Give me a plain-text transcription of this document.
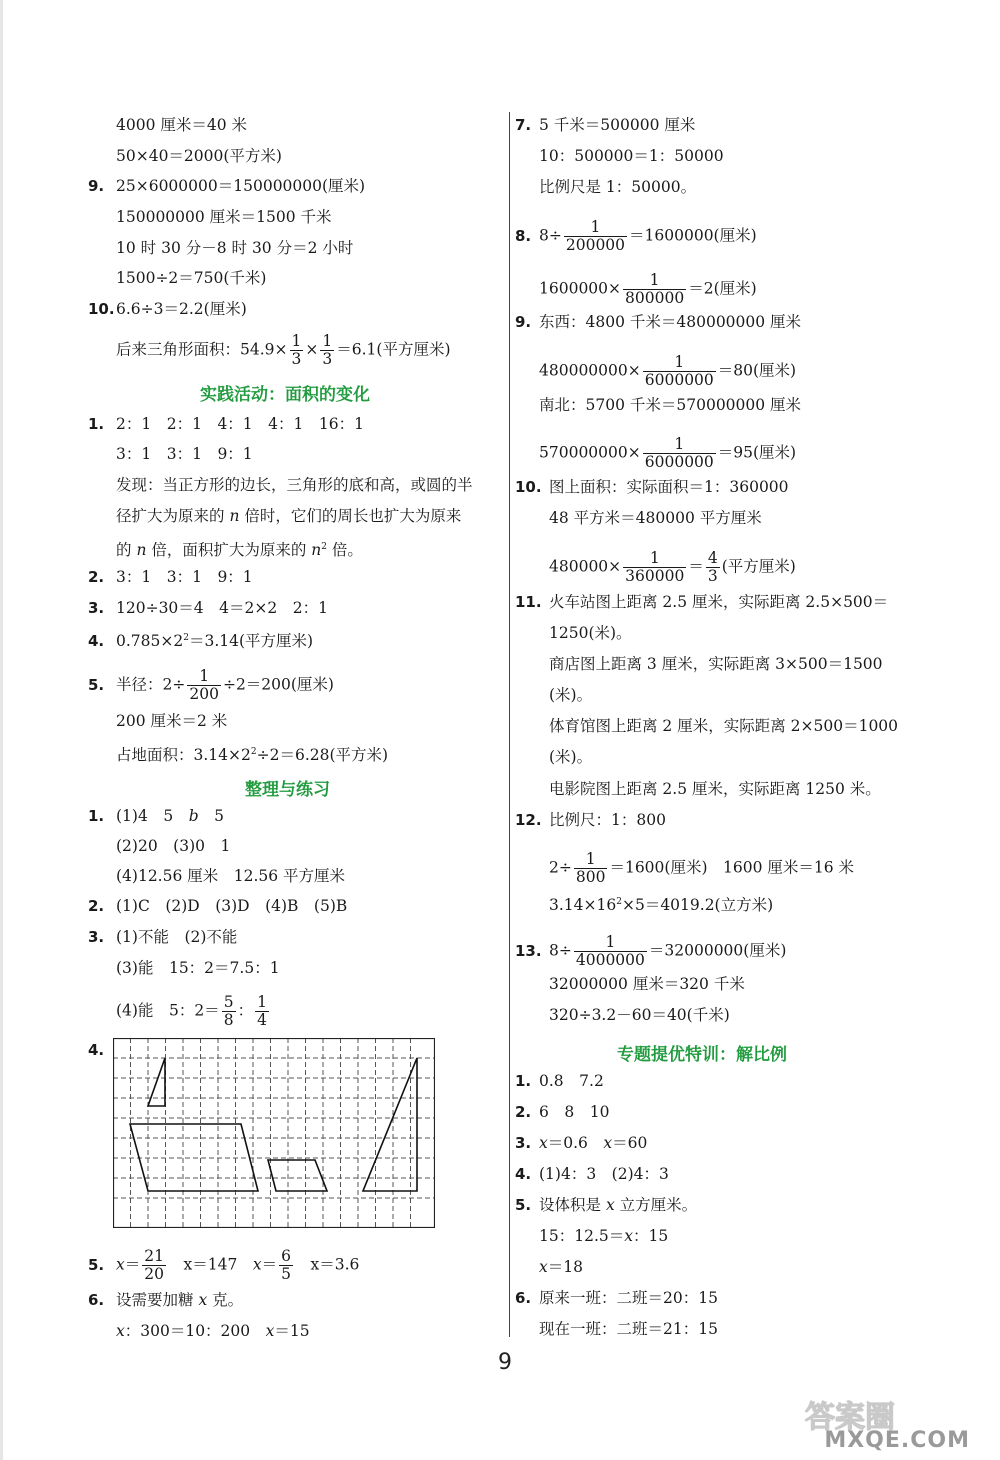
4000 厘米＝40 米
50×40＝2000(平方米)
9. 25×6000000＝150000000(厘米)
150000000 厘米＝1500 千米
10 时 30 分－8 时 30 分＝2 小时
1500÷2＝750(千米)
10.6.6÷3＝2.2(厘米)
后来三角形面积：$54.9\times \frac{1}{3} \times \frac{1}{3} =6.1$(平方厘米)
实践活动：面积的变化
1. 2：1　2：1　4：1　4：1　16：1
3：1　3：1　9：1
发现：当正方形的边长，三角形的底和高，或圆的半
径扩大为原来的 n 倍时，它们的周长也扩大为原来
的 n 倍，面积扩大为原来的 $n^2$ 倍。
2. 3：1　3：1　9：1
3. 120÷30＝4　4＝2×2　2：1
4. $0.785\times 2^2=3.14$(平方厘米)
5. 半径：$2\div \frac{1}{200} \div 2=200$(厘米)
200 厘米＝2 米
占地面积：$3.14\times 2^2\div 2=6.28$(平方米)
整理与练习
1. (1)4　5　b　5
(2)20　(3)0　1
(4)12.56 厘米　12.56 平方厘米
2. (1)C　(2)D　(3)D　(4)B　(5)B
3. (1)不能　(2)不能
(3)能　15：2＝7.5：1
(4)能　5：$2= \frac{5}{8}$ ： $\frac{1}{4}$
4.
5. $x= \frac{21}{20}$ 　x＝147　$x= \frac{6}{5}$ 　x＝3.6
6. 设需要加糖 x 克。
x：300＝10：200　x＝15
7. 5 千米＝500000 厘米
10：500000＝1：50000
比例尺是 1：50000。
8. $8\div \frac{1}{200000} =1600000$(厘米)
$1600000\times \frac{1}{800000} =2$(厘米)
9. 东西：4800 千米＝480000000 厘米
$480000000\times \frac{1}{6000000} =80$(厘米)
南北：5700 千米＝570000000 厘米
$570000000\times \frac{1}{6000000} =95$(厘米)
10. 图上面积：实际面积＝1：360000
48 平方米＝480000 平方厘米
$480000\times \frac{1}{360000} = \frac{4}{3}$ (平方厘米)
11. 火车站图上距离 2.5 厘米，实际距离 2.5×500＝
1250(米)。
商店图上距离 3 厘米，实际距离 3×500＝1500
(米)。
体育馆图上距离 2 厘米，实际距离 2×500＝1000
(米)。
电影院图上距离 2.5 厘米，实际距离 1250 米。
12. 比例尺：1：800
$2\div \frac{1}{800} =1600$(厘米)　1600 厘米＝16 米
$3.14\times 16^2\times 5=4019.2$(立方米)
13. $8\div \frac{1}{4000000} =32000000$(厘米)
32000000 厘米＝320 千米
320÷3.2－60＝40(千米)
专题提优特训：解比例
1. 0.8　7.2
2. 6　8　10
3. x＝0.6　x＝60
4. (1)4：3　(2)4：3
5. 设体积是 x 立方厘米。
15：12.5＝x：15
x＝18
6. 原来一班：二班＝20：15
现在一班：二班＝21：15
9
答案圈
MXQE.COM
